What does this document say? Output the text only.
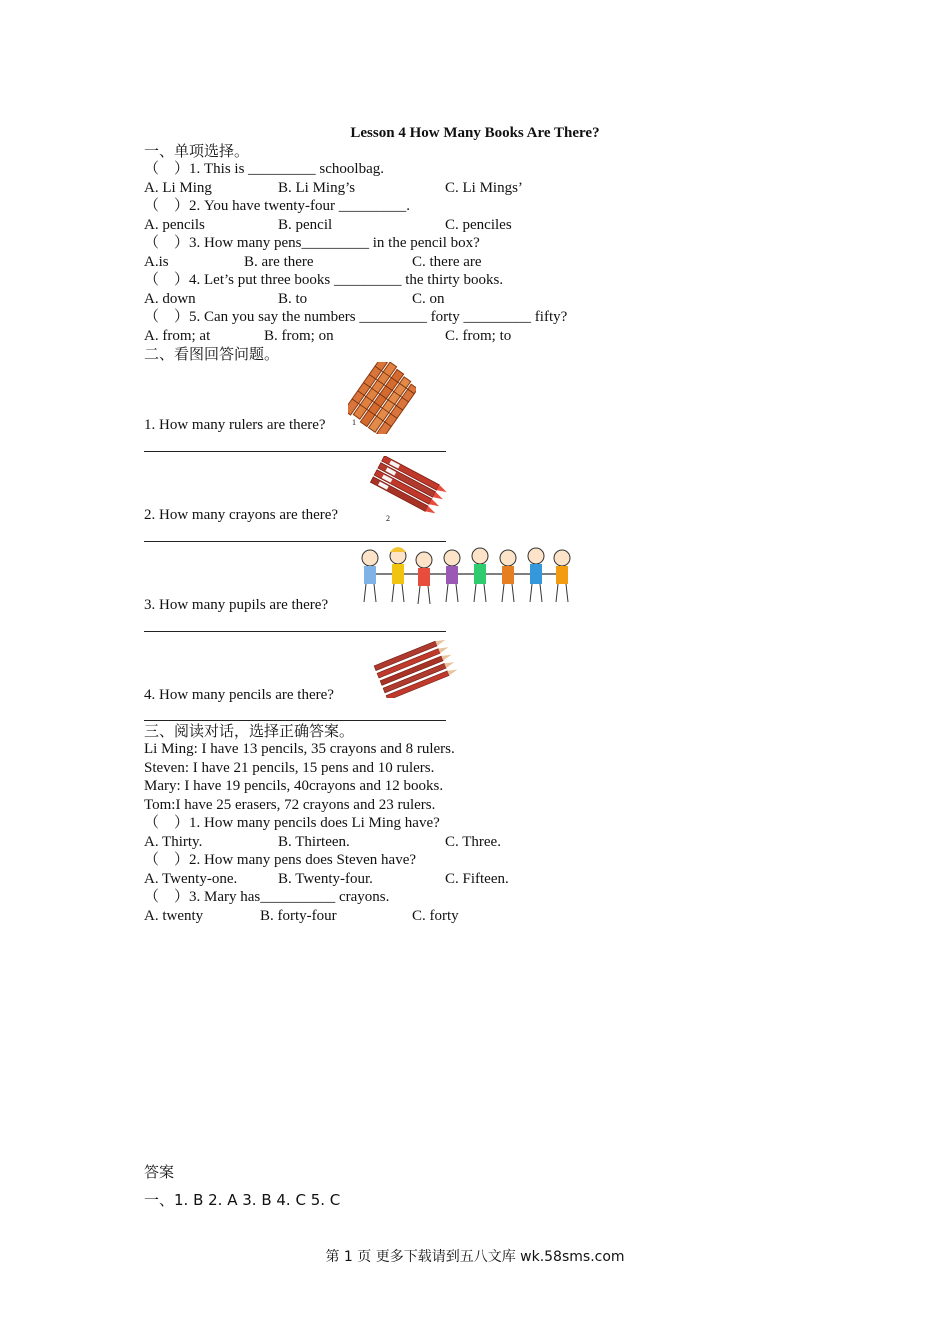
Lesson 4 How Many Books Are There?
一、单项选择。
（    ）1. This is _________ schoolbag.

A. Li Ming

	B. Li Ming’s

	C. Li Mings’

（    ）2. You have twenty-four _________.

A. pencils

	B. pencil

	C. penciles

（    ）3. How many pens_________ in the pencil box?

A.is

	B. are there

	C. there are

（    ）4. Let’s put three books _________ the thirty books.

A. down

	B. to

	C. on

（    ）5. Can you say the numbers _________ forty _________ fifty?

A. from; at

	B. from; on

	C. from; to

二、看图回答问题。
1
1. How many rulers are there?
2
2. How many crayons are there?
3. How many pupils are there?
4. How many pencils are there?
三、阅读对话，选择正确答案。
Li Ming: I have 13 pencils, 35 crayons and 8 rulers.
Steven: I have 21 pencils, 15 pens and 10 rulers.
Mary: I have 19 pencils, 40crayons and 12 books.
Tom:I have 25 erasers, 72 crayons and 23 rulers.
（    ）1. How many pencils does Li Ming have?

A. Thirty.

	B. Thirteen.

	C. Three.

（    ）2. How many pens does Steven have?

A. Twenty-one.

	B. Twenty-four.

	C. Fifteen.

（    ）3. Mary has__________ crayons.

A. twenty

	B. forty-four

	C. forty

答案
一、1. B 2. A 3. B 4. C 5. C
第 1 页 更多下载请到五八文库 wk.58sms.com
